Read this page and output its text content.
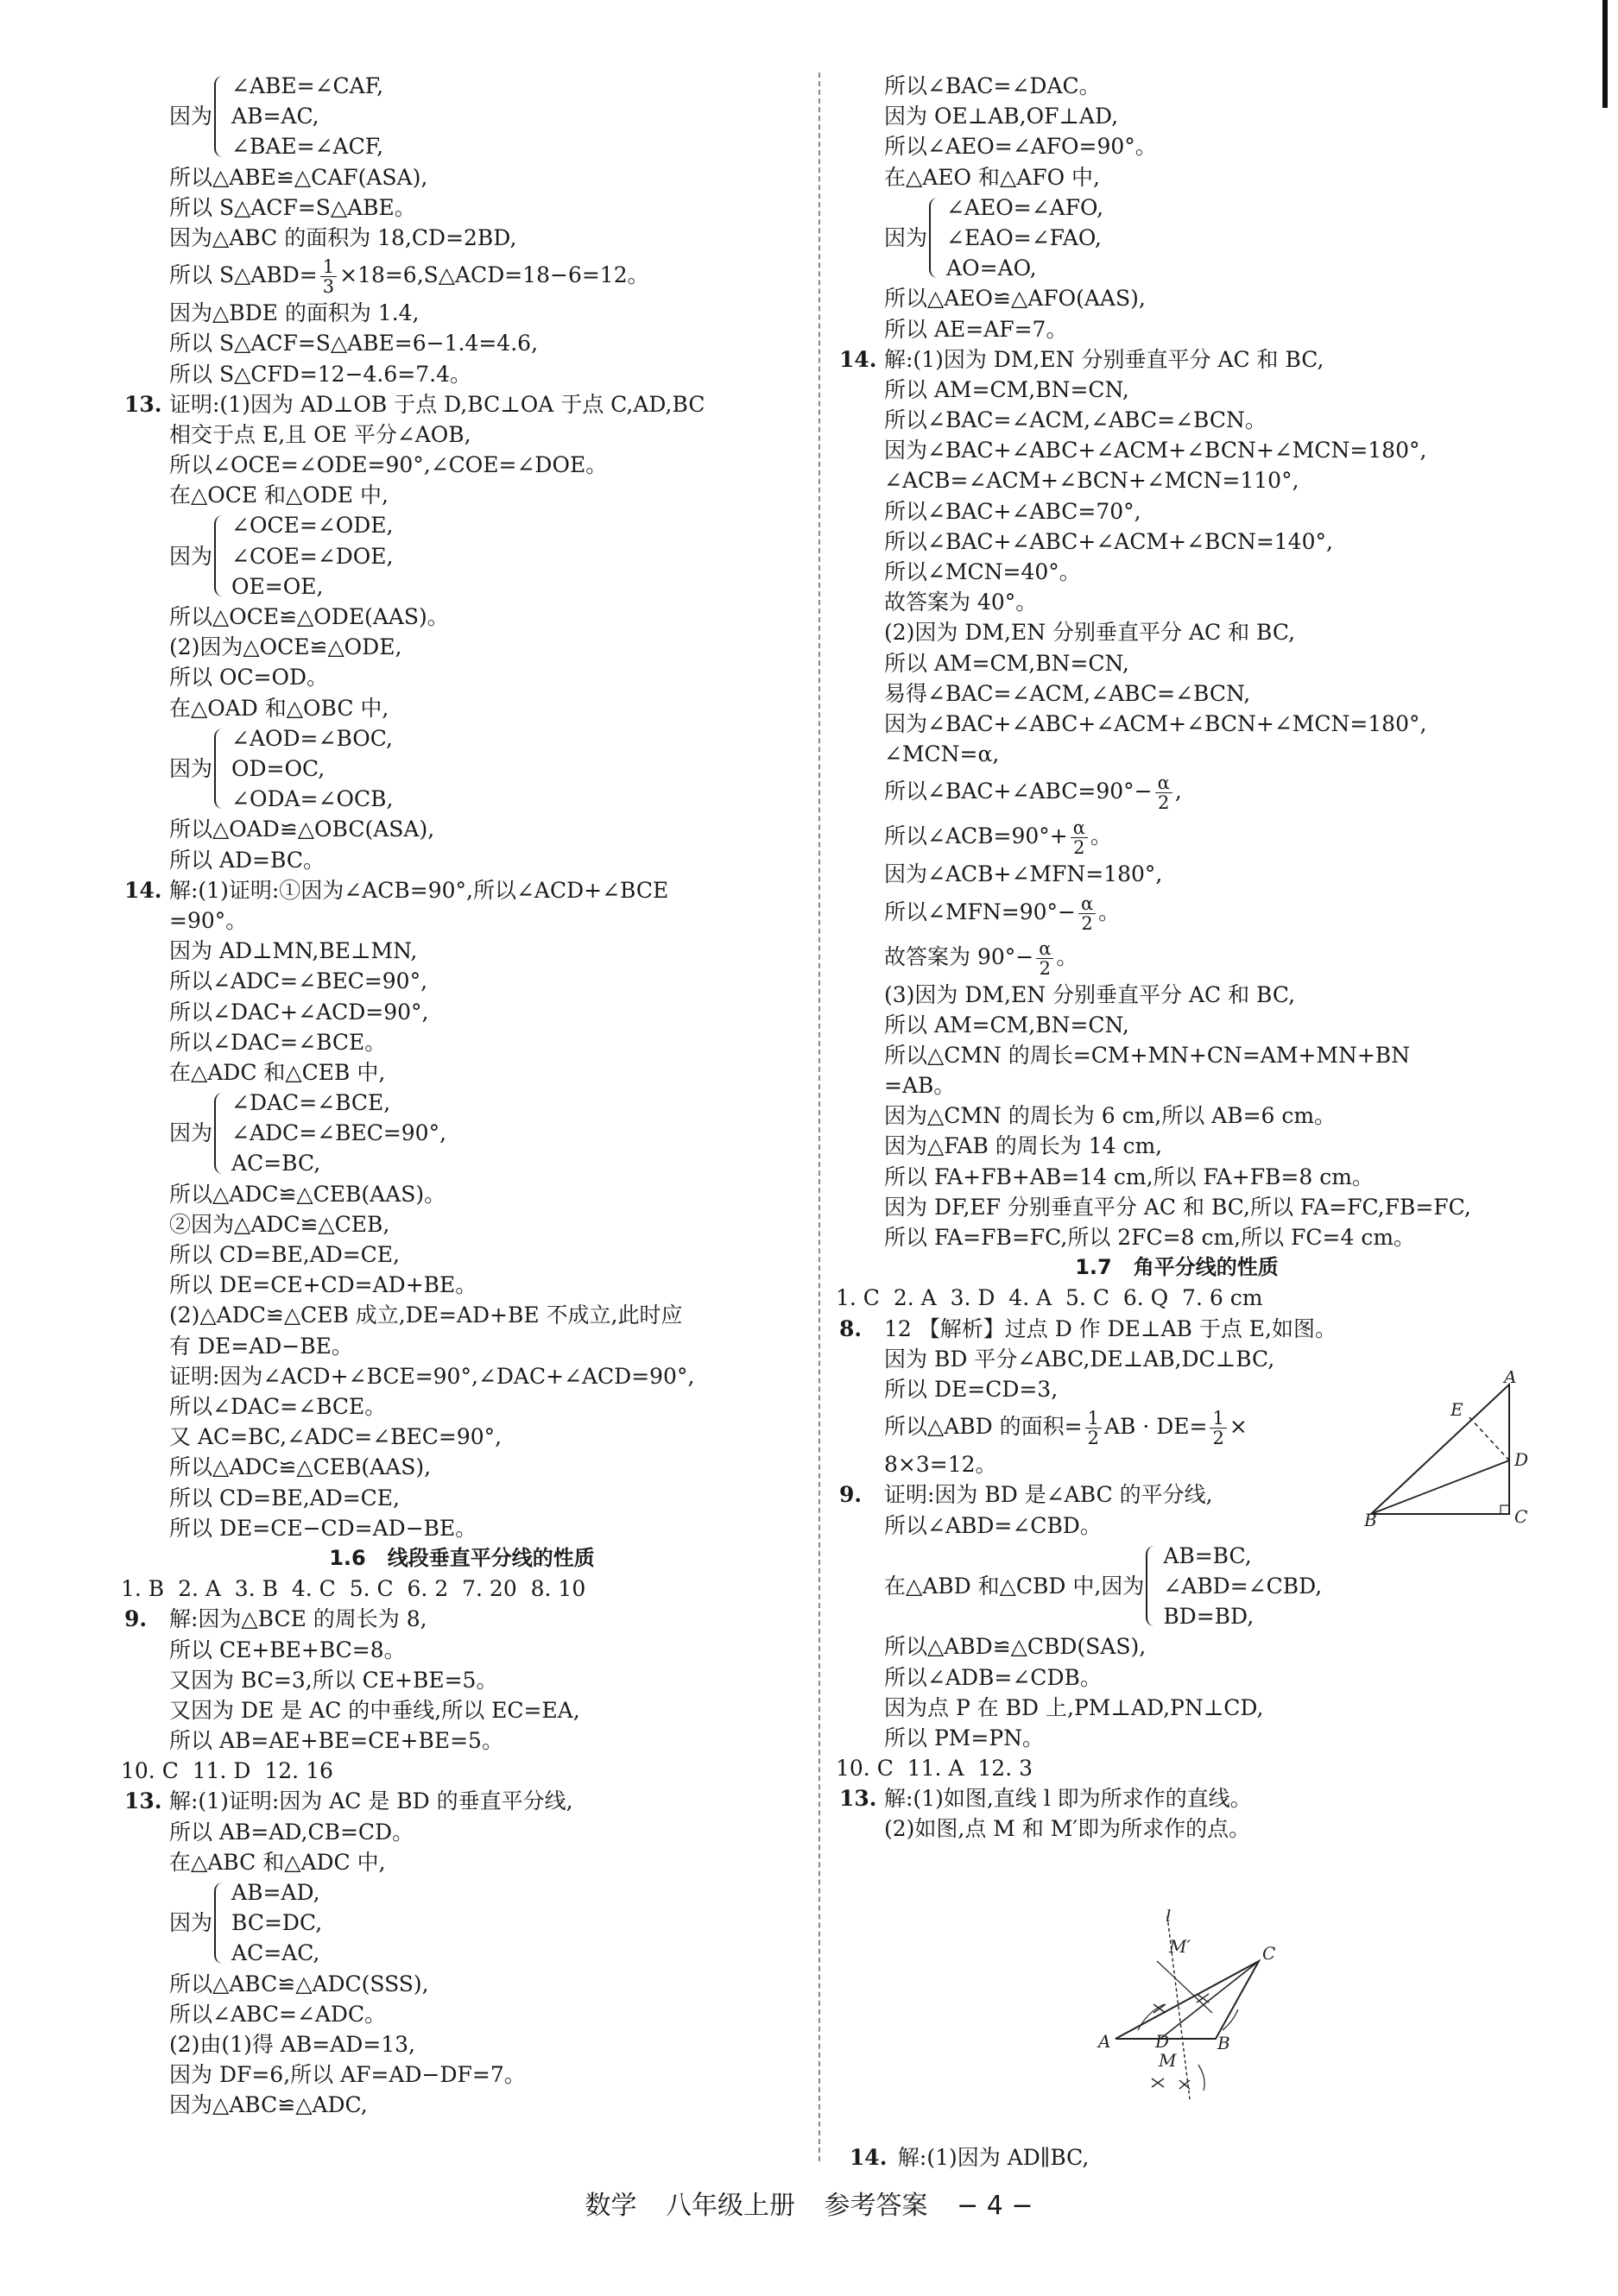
因为
∠ABE=∠CAF,
AB=AC,
∠BAE=∠ACF,
所以△ABE≌△CAF(ASA),
所以 S△ACF=S△ABE。
因为△ABC 的面积为 18,CD=2BD,
所以 S△ABD= $\frac{1}{3}$ ×18=6,S△ACD=18−6=12。
因为△BDE 的面积为 1.4,
所以 S△ACF=S△ABE=6−1.4=4.6,
所以 S△CFD=12−4.6=7.4。
13. 证明:(1)因为 AD⊥OB 于点 D,BC⊥OA 于点 C,AD,BC
相交于点 E,且 OE 平分∠AOB,
所以∠OCE=∠ODE=90°,∠COE=∠DOE。
在△OCE 和△ODE 中,
因为
∠OCE=∠ODE,
∠COE=∠DOE,
OE=OE,
所以△OCE≌△ODE(AAS)。
(2)因为△OCE≌△ODE,
所以 OC=OD。
在△OAD 和△OBC 中,
因为
∠AOD=∠BOC,
OD=OC,
∠ODA=∠OCB,
所以△OAD≌△OBC(ASA),
所以 AD=BC。
14. 解:(1)证明:①因为∠ACB=90°,所以∠ACD+∠BCE
=90°。
因为 AD⊥MN,BE⊥MN,
所以∠ADC=∠BEC=90°,
所以∠DAC+∠ACD=90°,
所以∠DAC=∠BCE。
在△ADC 和△CEB 中,
因为
∠DAC=∠BCE,
∠ADC=∠BEC=90°,
AC=BC,
所以△ADC≌△CEB(AAS)。
②因为△ADC≌△CEB,
所以 CD=BE,AD=CE,
所以 DE=CE+CD=AD+BE。
(2)△ADC≌△CEB 成立,DE=AD+BE 不成立,此时应
有 DE=AD−BE。
证明:因为∠ACD+∠BCE=90°,∠DAC+∠ACD=90°,
所以∠DAC=∠BCE。
又 AC=BC,∠ADC=∠BEC=90°,
所以△ADC≌△CEB(AAS),
所以 CD=BE,AD=CE,
所以 DE=CE−CD=AD−BE。
1.6   线段垂直平分线的性质
1. B  2. A  3. B  4. C  5. C  6. 2  7. 20  8. 10
9. 解:因为△BCE 的周长为 8,
所以 CE+BE+BC=8。
又因为 BC=3,所以 CE+BE=5。
又因为 DE 是 AC 的中垂线,所以 EC=EA,
所以 AB=AE+BE=CE+BE=5。
10. C  11. D  12. 16
13. 解:(1)证明:因为 AC 是 BD 的垂直平分线,
所以 AB=AD,CB=CD。
在△ABC 和△ADC 中,
因为
AB=AD,
BC=DC,
AC=AC,
所以△ABC≌△ADC(SSS),
所以∠ABC=∠ADC。
(2)由(1)得 AB=AD=13,
因为 DF=6,所以 AF=AD−DF=7。
因为△ABC≌△ADC,
所以∠BAC=∠DAC。
因为 OE⊥AB,OF⊥AD,
所以∠AEO=∠AFO=90°。
在△AEO 和△AFO 中,
因为
∠AEO=∠AFO,
∠EAO=∠FAO,
AO=AO,
所以△AEO≌△AFO(AAS),
所以 AE=AF=7。
14. 解:(1)因为 DM,EN 分别垂直平分 AC 和 BC,
所以 AM=CM,BN=CN,
所以∠BAC=∠ACM,∠ABC=∠BCN。
因为∠BAC+∠ABC+∠ACM+∠BCN+∠MCN=180°,
∠ACB=∠ACM+∠BCN+∠MCN=110°,
所以∠BAC+∠ABC=70°,
所以∠BAC+∠ABC+∠ACM+∠BCN=140°,
所以∠MCN=40°。
故答案为 40°。
(2)因为 DM,EN 分别垂直平分 AC 和 BC,
所以 AM=CM,BN=CN,
易得∠BAC=∠ACM,∠ABC=∠BCN,
因为∠BAC+∠ABC+∠ACM+∠BCN+∠MCN=180°,
∠MCN=α,
所以∠BAC+∠ABC=90°− $\frac{\alpha}{2}$ ,
所以∠ACB=90°+ $\frac{\alpha}{2}$ 。
因为∠ACB+∠MFN=180°,
所以∠MFN=90°− $\frac{\alpha}{2}$ 。
故答案为 $90^\circ- \frac{\alpha}{2}$ 。
(3)因为 DM,EN 分别垂直平分 AC 和 BC,
所以 AM=CM,BN=CN,
所以△CMN 的周长=CM+MN+CN=AM+MN+BN
=AB。
因为△CMN 的周长为 6 cm,所以 AB=6 cm。
因为△FAB 的周长为 14 cm,
所以 FA+FB+AB=14 cm,所以 FA+FB=8 cm。
因为 DF,EF 分别垂直平分 AC 和 BC,所以 FA=FC,FB=FC,
所以 FA=FB=FC,所以 2FC=8 cm,所以 FC=4 cm。
1.7   角平分线的性质
1. C  2. A  3. D  4. A  5. C  6. Q  7. 6 cm
8. 12 【解析】过点 D 作 DE⊥AB 于点 E,如图。
因为 BD 平分∠ABC,DE⊥AB,DC⊥BC,
所以 DE=CD=3,
所以△ABD 的面积= $\frac{1}{2}$ AB · $DE= \frac{1}{2}$ ×
8×3=12。
9. 证明:因为 BD 是∠ABC 的平分线,
所以∠ABD=∠CBD。
在△ABD 和△CBD 中,因为
AB=BC,
∠ABD=∠CBD,
BD=BD,
所以△ABD≌△CBD(SAS),
所以∠ADB=∠CDB。
因为点 P 在 BD 上,PM⊥AD,PN⊥CD,
所以 PM=PN。
10. C  11. A  12. 3
13. 解:(1)如图,直线 l 即为所求作的直线。
(2)如图,点 M 和 M′即为所求作的点。
A
E
D
C
B
l
M′	C
A	D	B
M

14. 解:(1)因为 AD∥BC,

数学 八年级上册 参考答案 − 4 −
